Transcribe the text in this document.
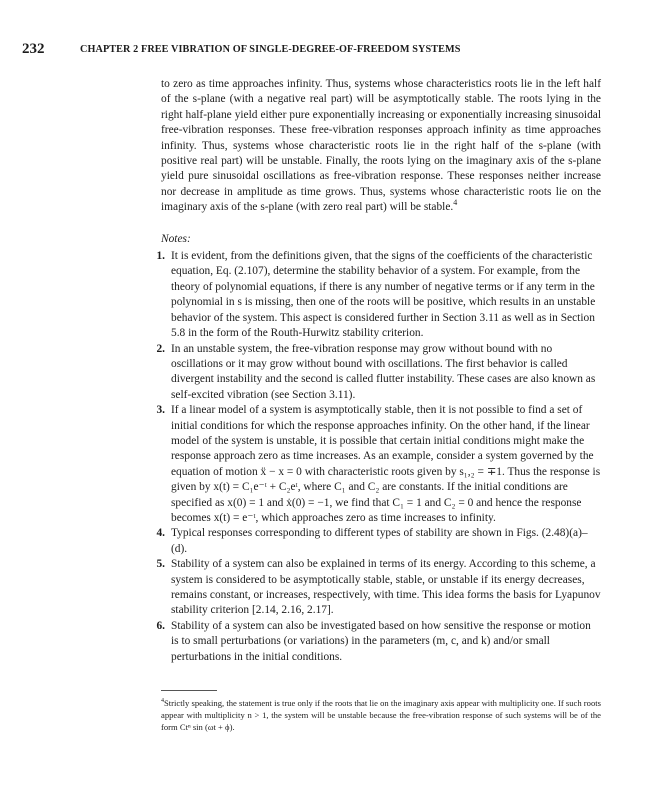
232	CHAPTER 2 FREE VIBRATION OF SINGLE-DEGREE-OF-FREEDOM SYSTEMS

to zero as time approaches infinity. Thus, systems whose characteristics roots lie in the left half of the s-plane (with a negative real part) will be asymptotically stable. The roots lying in the right half-plane yield either pure exponentially increasing or exponentially increasing sinusoidal free-vibration responses. These free-vibration responses approach infinity as time approaches infinity. Thus, systems whose characteristic roots lie in the right half of the s-plane (with positive real part) will be unstable. Finally, the roots lying on the imaginary axis of the s-plane yield pure sinusoidal oscillations as free-vibration response. These responses neither increase nor decrease in amplitude as time grows. Thus, systems whose characteristic roots lie on the imaginary axis of the s-plane (with zero real part) will be stable.$^4$

Notes:

1. It is evident, from the definitions given, that the signs of the coefficients of the characteristic equation, Eq. (2.107), determine the stability behavior of a system. For example, from the theory of polynomial equations, if there is any number of negative terms or if any term in the polynomial in s is missing, then one of the roots will be positive, which results in an unstable behavior of the system. This aspect is considered further in Section 3.11 as well as in Section 5.8 in the form of the Routh-Hurwitz stability criterion.
2. In an unstable system, the free-vibration response may grow without bound with no oscillations or it may grow without bound with oscillations. The first behavior is called divergent instability and the second is called flutter instability. These cases are also known as self-excited vibration (see Section 3.11).
3. If a linear model of a system is asymptotically stable, then it is not possible to find a set of initial conditions for which the response approaches infinity. On the other hand, if the linear model of the system is unstable, it is possible that certain initial conditions might make the response approach zero as time increases. As an example, consider a system governed by the equation of motion ẍ − x = 0 with characteristic roots given by s₁,₂ = ∓1. Thus the response is given by x(t) = C₁e⁻ᵗ + C₂eᵗ, where C₁ and C₂ are constants. If the initial conditions are specified as x(0) = 1 and ẋ(0) = −1, we find that C₁ = 1 and C₂ = 0 and hence the response becomes x(t) = e⁻ᵗ, which approaches zero as time increases to infinity.
4. Typical responses corresponding to different types of stability are shown in Figs. (2.48)(a)–(d).
5. Stability of a system can also be explained in terms of its energy. According to this scheme, a system is considered to be asymptotically stable, stable, or unstable if its energy decreases, remains constant, or increases, respectively, with time. This idea forms the basis for Lyapunov stability criterion [2.14, 2.16, 2.17].
6. Stability of a system can also be investigated based on how sensitive the response or motion is to small perturbations (or variations) in the parameters (m, c, and k) and/or small perturbations in the initial conditions.
$^4$Strictly speaking, the statement is true only if the roots that lie on the imaginary axis appear with multiplicity one. If such roots appear with multiplicity n > 1, the system will be unstable because the free-vibration response of such systems will be of the form Ctⁿ sin (ωt + ϕ).
